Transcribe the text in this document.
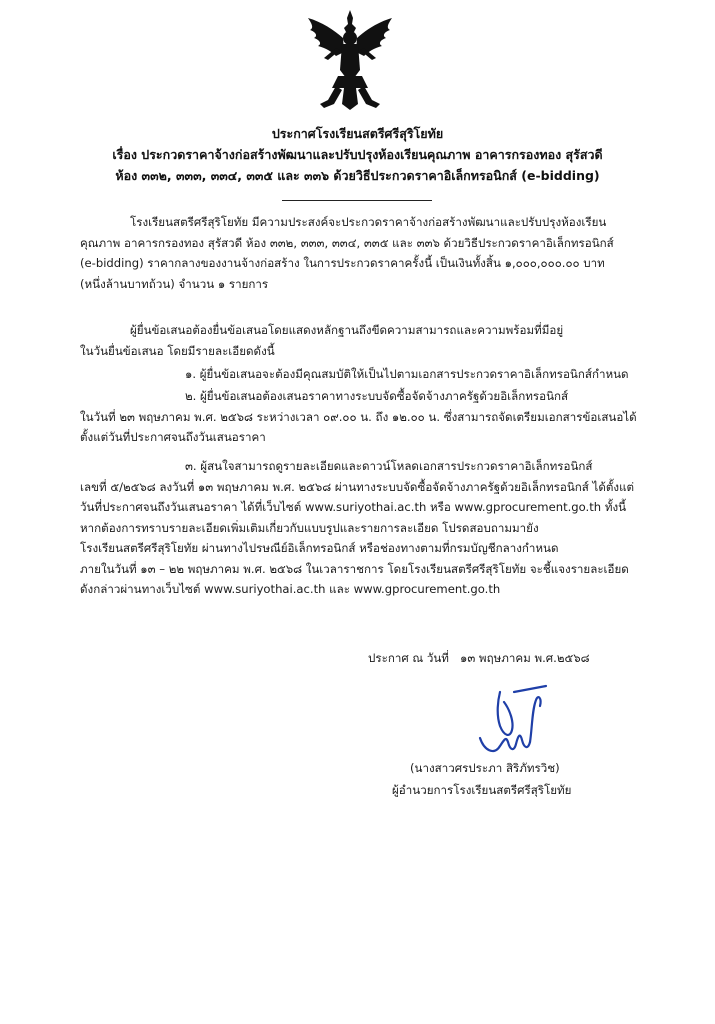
ประกาศโรงเรียนสตรีศรีสุริโยทัย
เรื่อง ประกวดราคาจ้างก่อสร้างพัฒนาและปรับปรุงห้องเรียนคุณภาพ อาคารกรองทอง สุรัสวดี
ห้อง ๓๓๒, ๓๓๓, ๓๓๔, ๓๓๕ และ ๓๓๖ ด้วยวิธีประกวดราคาอิเล็กทรอนิกส์ (e-bidding)
โรงเรียนสตรีศรีสุริโยทัย มีความประสงค์จะประกวดราคาจ้างก่อสร้างพัฒนาและปรับปรุงห้องเรียน
คุณภาพ อาคารกรองทอง สุรัสวดี ห้อง ๓๓๒, ๓๓๓, ๓๓๔, ๓๓๕ และ ๓๓๖ ด้วยวิธีประกวดราคาอิเล็กทรอนิกส์
(e-bidding) ราคากลางของงานจ้างก่อสร้าง ในการประกวดราคาครั้งนี้ เป็นเงินทั้งสิ้น ๑,๐๐๐,๐๐๐.๐๐ บาท
(หนึ่งล้านบาทถ้วน) จำนวน ๑ รายการ
ผู้ยื่นข้อเสนอต้องยื่นข้อเสนอโดยแสดงหลักฐานถึงขีดความสามารถและความพร้อมที่มีอยู่
ในวันยื่นข้อเสนอ โดยมีรายละเอียดดังนี้
๑. ผู้ยื่นข้อเสนอจะต้องมีคุณสมบัติให้เป็นไปตามเอกสารประกวดราคาอิเล็กทรอนิกส์กำหนด
๒. ผู้ยื่นข้อเสนอต้องเสนอราคาทางระบบจัดซื้อจัดจ้างภาครัฐด้วยอิเล็กทรอนิกส์
ในวันที่ ๒๓ พฤษภาคม พ.ศ. ๒๕๖๘ ระหว่างเวลา ๐๙.๐๐ น. ถึง ๑๒.๐๐ น. ซึ่งสามารถจัดเตรียมเอกสารข้อเสนอได้
ตั้งแต่วันที่ประกาศจนถึงวันเสนอราคา
๓. ผู้สนใจสามารถดูรายละเอียดและดาวน์โหลดเอกสารประกวดราคาอิเล็กทรอนิกส์
เลขที่ ๕/๒๕๖๘ ลงวันที่ ๑๓ พฤษภาคม พ.ศ. ๒๕๖๘ ผ่านทางระบบจัดซื้อจัดจ้างภาครัฐด้วยอิเล็กทรอนิกส์ ได้ตั้งแต่
วันที่ประกาศจนถึงวันเสนอราคา ได้ที่เว็บไซต์ www.suriyothai.ac.th หรือ www.gprocurement.go.th ทั้งนี้
หากต้องการทราบรายละเอียดเพิ่มเติมเกี่ยวกับแบบรูปและรายการละเอียด โปรดสอบถามมายัง
โรงเรียนสตรีศรีสุริโยทัย ผ่านทางไปรษณีย์อิเล็กทรอนิกส์ หรือช่องทางตามที่กรมบัญชีกลางกำหนด
ภายในวันที่ ๑๓ – ๒๒ พฤษภาคม พ.ศ. ๒๕๖๘ ในเวลาราชการ โดยโรงเรียนสตรีศรีสุริโยทัย จะชี้แจงรายละเอียด
ดังกล่าวผ่านทางเว็บไซต์ www.suriyothai.ac.th และ www.gprocurement.go.th
ประกาศ ณ วันที่   ๑๓ พฤษภาคม พ.ศ.๒๕๖๘
(นางสาวศรประภา สิริภัทรวิช)
ผู้อำนวยการโรงเรียนสตรีศรีสุริโยทัย
